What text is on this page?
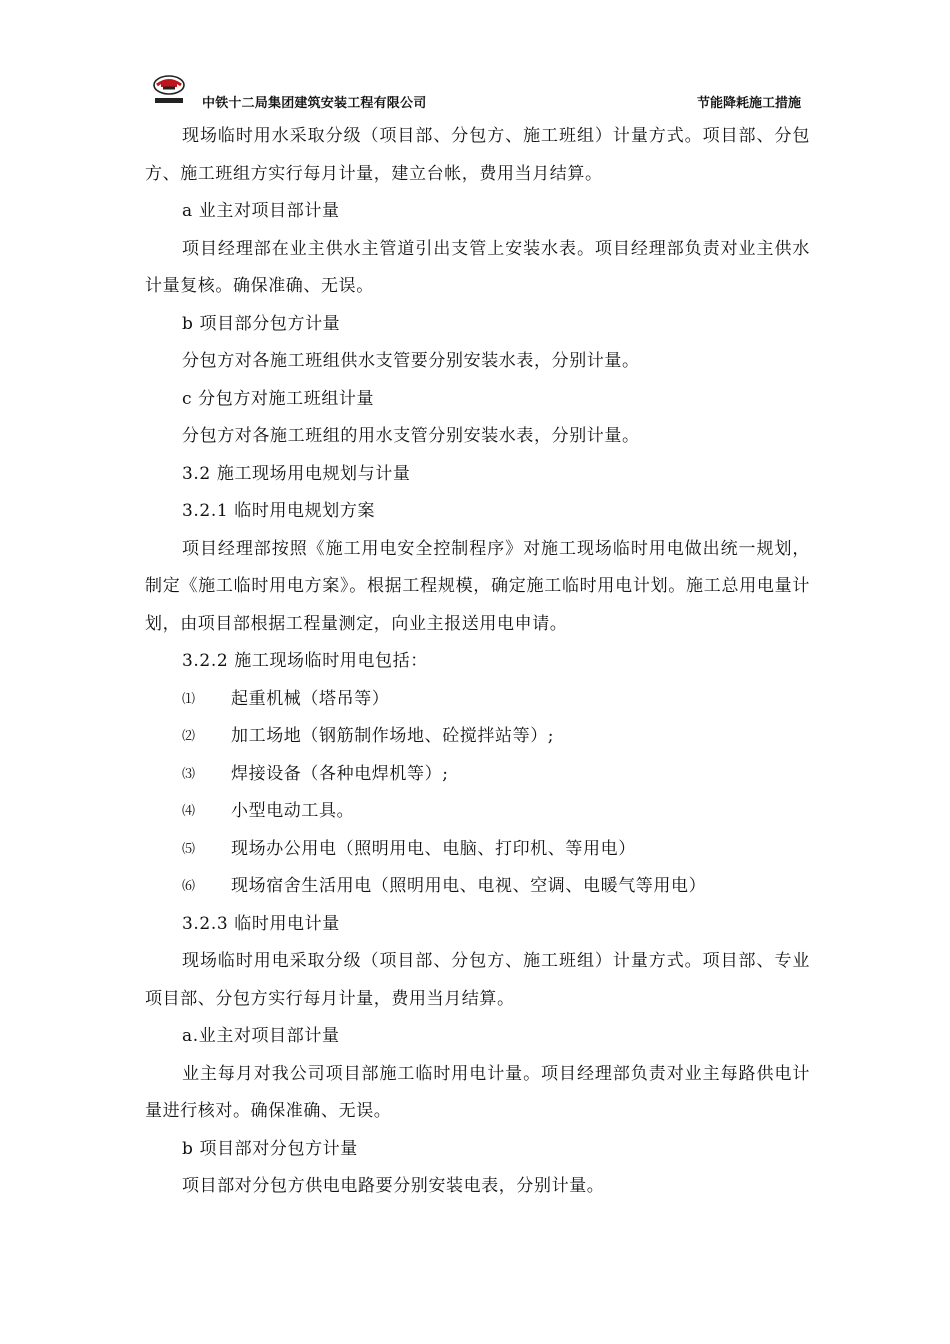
中铁十二局集团建筑安装工程有限公司	节能降耗施工措施

现场临时用水采取分级（项目部、分包方、施工班组）计量方式。项目部、分包方、施工班组方实行每月计量，建立台帐，费用当月结算。

a 业主对项目部计量

项目经理部在业主供水主管道引出支管上安装水表。项目经理部负责对业主供水计量复核。确保准确、无误。

b 项目部分包方计量

分包方对各施工班组供水支管要分别安装水表，分别计量。

c 分包方对施工班组计量

分包方对各施工班组的用水支管分别安装水表，分别计量。

3.2 施工现场用电规划与计量

3.2.1 临时用电规划方案

项目经理部按照《施工用电安全控制程序》对施工现场临时用电做出统一规划，制定《施工临时用电方案》。根据工程规模，确定施工临时用电计划。施工总用电量计划，由项目部根据工程量测定，向业主报送用电申请。

3.2.2 施工现场临时用电包括：

⑴ 起重机械（塔吊等）

⑵ 加工场地（钢筋制作场地、砼搅拌站等）;

⑶ 焊接设备（各种电焊机等）;

⑷ 小型电动工具。

⑸ 现场办公用电（照明用电、电脑、打印机、等用电）

⑹ 现场宿舍生活用电（照明用电、电视、空调、电暖气等用电）

3.2.3 临时用电计量

现场临时用电采取分级（项目部、分包方、施工班组）计量方式。项目部、专业项目部、分包方实行每月计量，费用当月结算。

a.业主对项目部计量

业主每月对我公司项目部施工临时用电计量。项目经理部负责对业主每路供电计量进行核对。确保准确、无误。

b 项目部对分包方计量

项目部对分包方供电电路要分别安装电表，分别计量。
